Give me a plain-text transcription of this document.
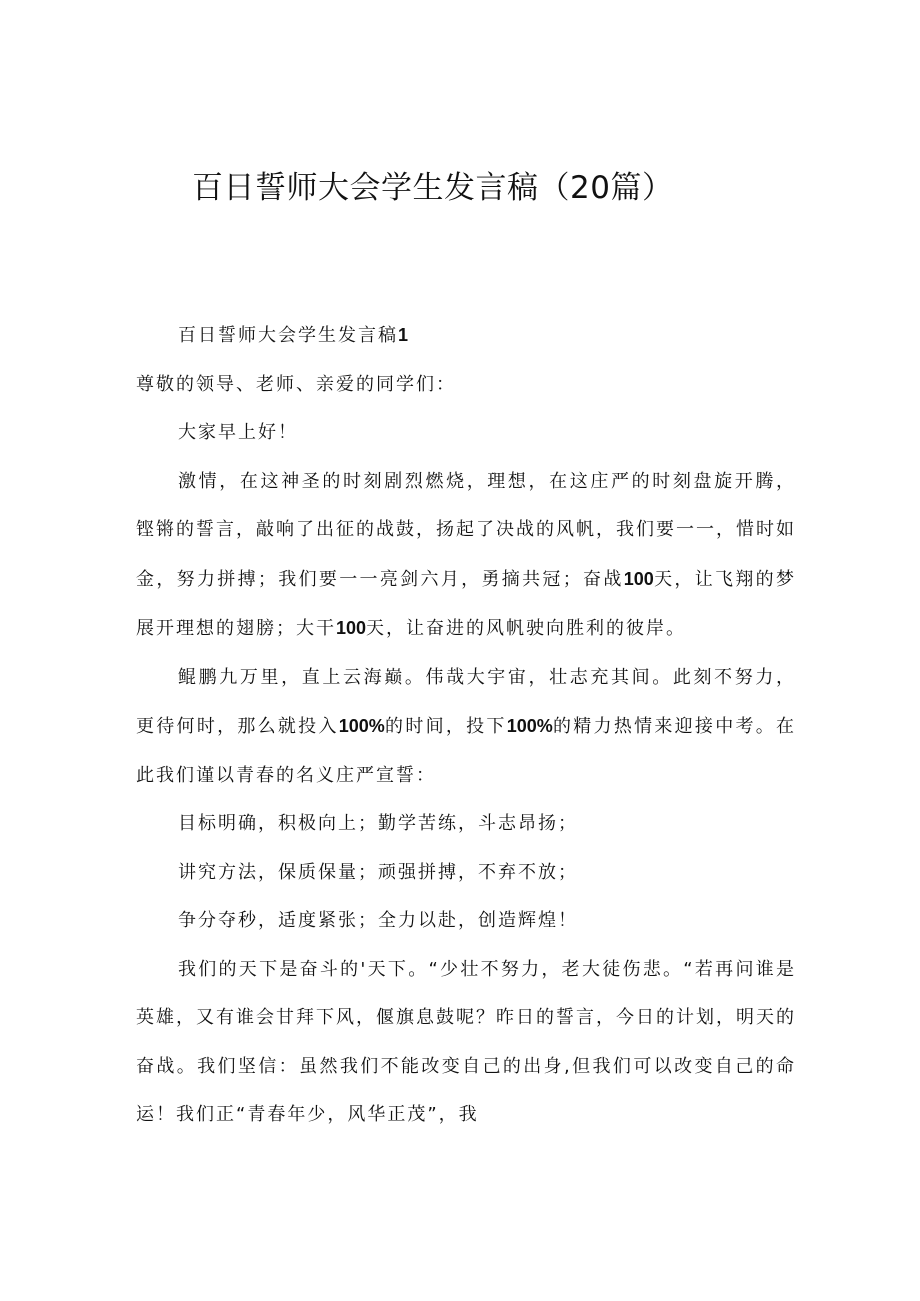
百日誓师大会学生发言稿（20篇）

百日誓师大会学生发言稿1

尊敬的领导、老师、亲爱的同学们：

大家早上好！

激情，在这神圣的时刻剧烈燃烧，理想，在这庄严的时刻盘旋开腾，铿锵的誓言，敲响了出征的战鼓，扬起了决战的风帆，我们要一一，惜时如金，努力拼搏；我们要一一亮剑六月，勇摘共冠；奋战100天，让飞翔的梦展开理想的翅膀；大干100天，让奋进的风帆驶向胜利的彼岸。

鲲鹏九万里，直上云海巅。伟哉大宇宙，壮志充其间。此刻不努力，更待何时，那么就投入100%的时间，投下100%的精力热情来迎接中考。在此我们谨以青春的名义庄严宣誓：

目标明确，积极向上；勤学苦练，斗志昂扬；

讲究方法，保质保量；顽强拼搏，不弃不放；

争分夺秒，适度紧张；全力以赴，创造辉煌！

我们的天下是奋斗的'天下。“少壮不努力，老大徒伤悲。“若再问谁是英雄，又有谁会甘拜下风，偃旗息鼓呢？昨日的誓言，今日的计划，明天的奋战。我们坚信：虽然我们不能改变自己的出身,但我们可以改变自己的命运！我们正“青春年少，风华正茂”，我
